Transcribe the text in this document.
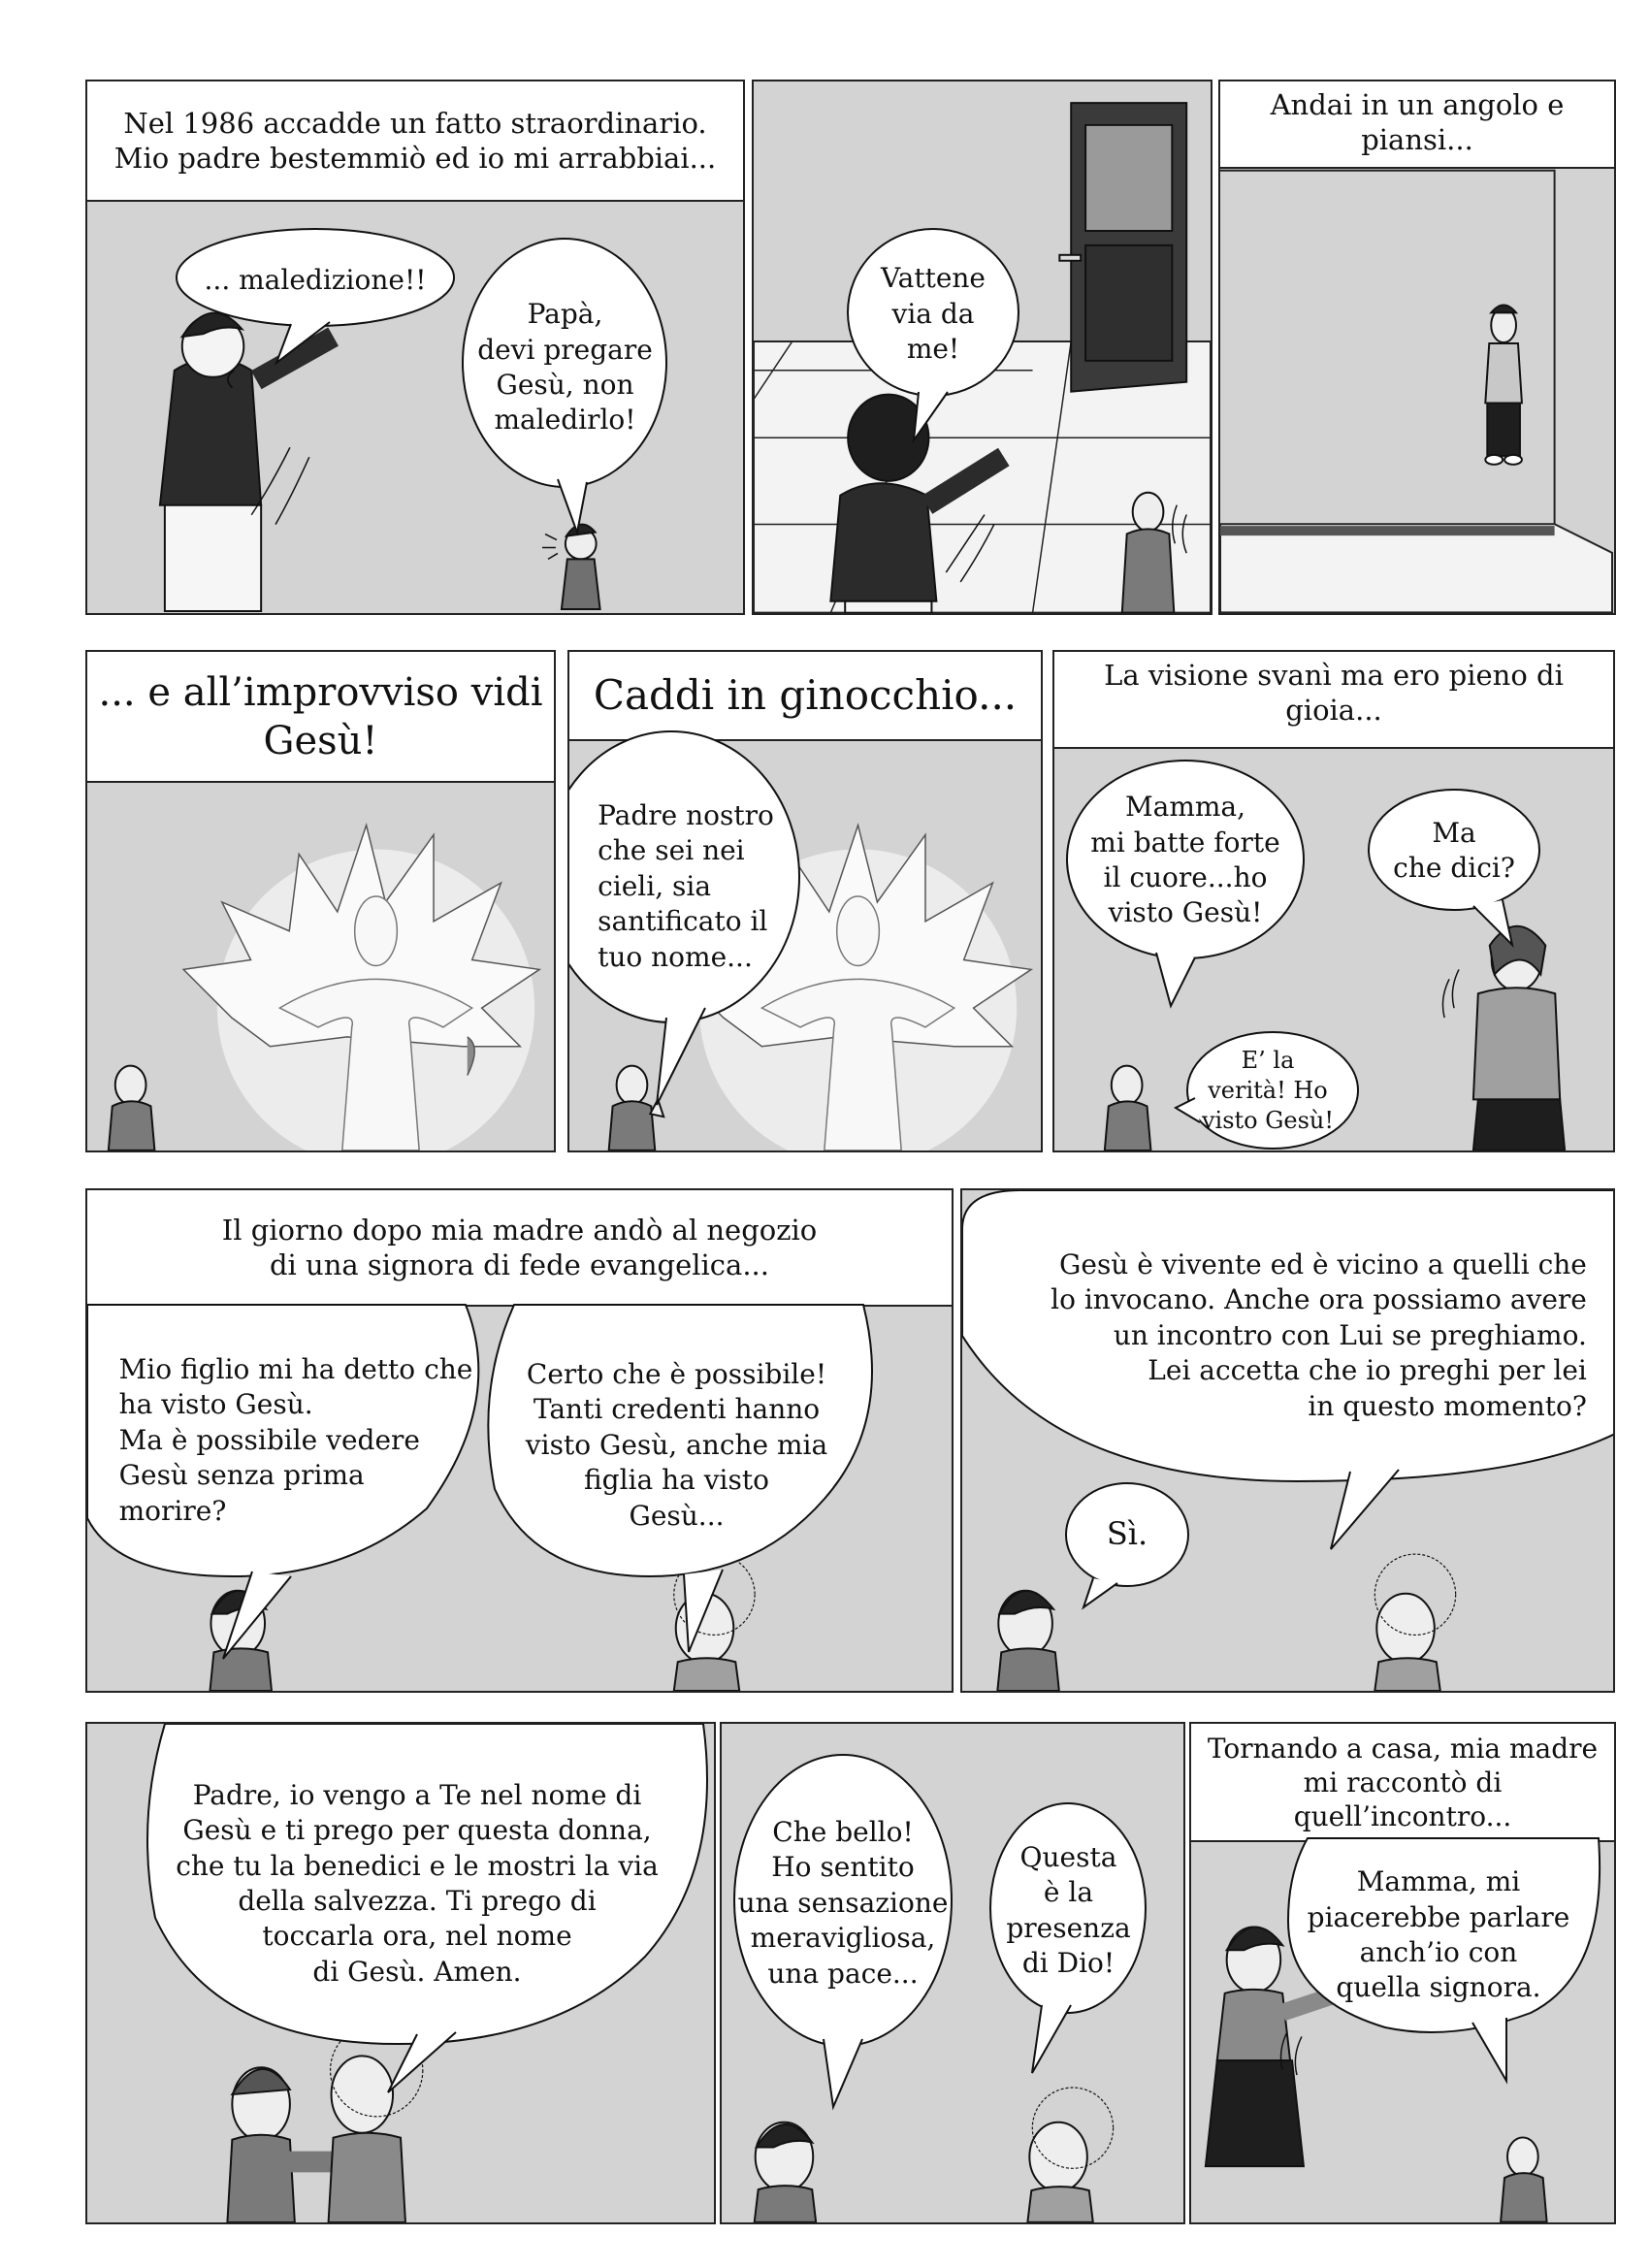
Nel 1986 accadde un fatto straordinario.
Mio padre bestemmiò ed io mi arrabbiai...
... maledizione!!
Papà,
devi pregare
Gesù, non
maledirlo!
Vattene
via da
me!
Andai in un angolo e
piansi...
... e all’improvviso vidi
Gesù!
Caddi in ginocchio...
Padre nostro
che sei nei
cieli, sia
santificato il
tuo nome...
La visione svanì ma ero pieno di
gioia...
Mamma,
mi batte forte
il cuore...ho
visto Gesù!
Ma
che dici?
E’ la
verità! Ho
visto Gesù!
Il giorno dopo mia madre andò al negozio
di una signora di fede evangelica...
Mio figlio mi ha detto che
ha visto Gesù.
Ma è possibile vedere
Gesù senza prima
morire?
Certo che è possibile!
Tanti credenti hanno
visto Gesù, anche mia
figlia ha visto
Gesù...
Gesù è vivente ed è vicino a quelli che
lo invocano. Anche ora possiamo avere
un incontro con Lui se preghiamo.
Lei accetta che io preghi per lei
in questo momento?
Sì.
Padre, io vengo a Te nel nome di
Gesù e ti prego per questa donna,
che tu la benedici e le mostri la via
della salvezza. Ti prego di
toccarla ora, nel nome
di Gesù. Amen.
Che bello!
Ho sentito
una sensazione
meravigliosa,
una pace...
Questa
è la
presenza
di Dio!
Tornando a casa, mia madre
mi raccontò di quell’incontro...
Mamma, mi
piacerebbe parlare
anch’io con
quella signora.
